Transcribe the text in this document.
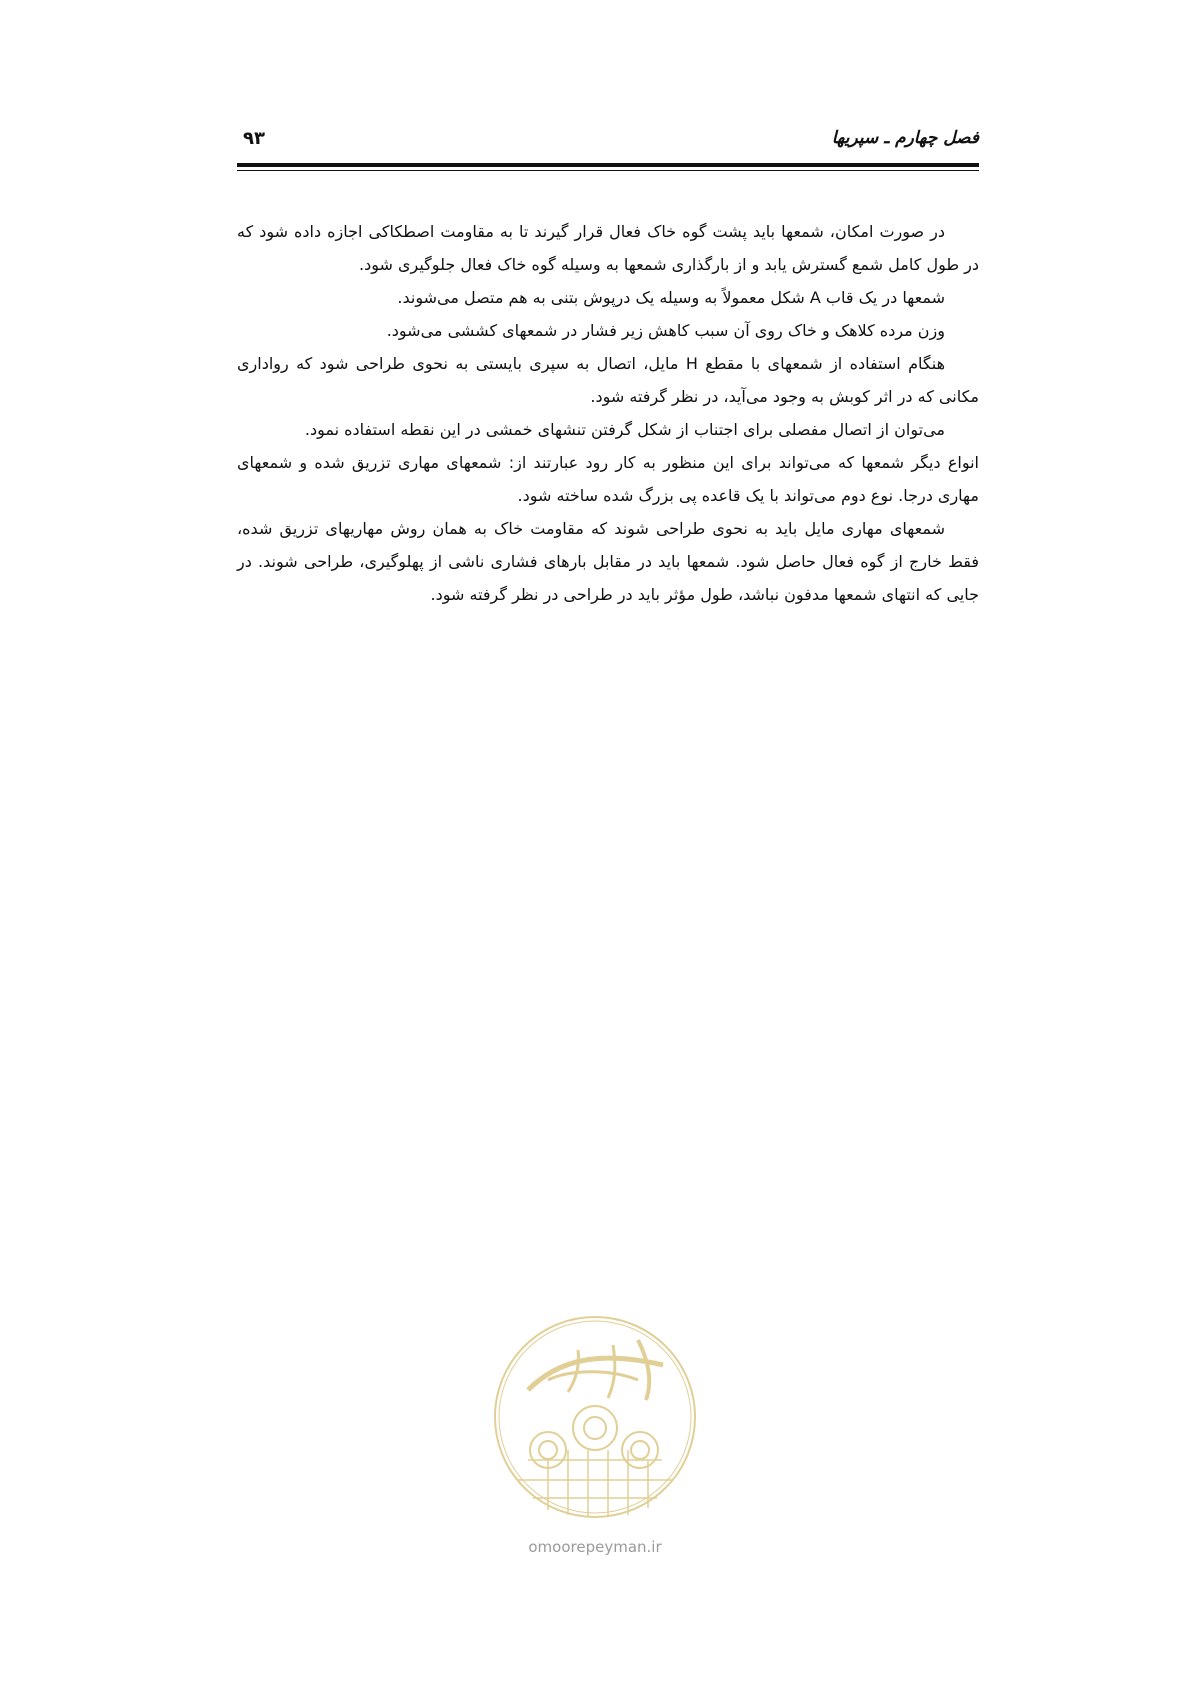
فصل چهارم ـ سپریها
۹۳

در صورت امکان، شمعها باید پشت گوه خاک فعال قرار گیرند تا به مقاومت اصطکاکی اجازه داده شود که در طول کامل شمع گسترش یابد و از بارگذاری شمعها به وسیله گوه خاک فعال جلوگیری شود.

شمعها در یک قاب A شکل معمولاً به وسیله یک درپوش بتنی به هم متصل می‌شوند.

وزن مرده کلاهک و خاک روی آن سبب کاهش زیر فشار در شمعهای کششی می‌شود.

هنگام استفاده از شمعهای با مقطع H مایل، اتصال به سپری بایستی به نحوی طراحی شود که رواداری مکانی که در اثر کوبش به وجود می‌آید، در نظر گرفته شود.

می‌توان از اتصال مفصلی برای اجتناب از شکل گرفتن تنشهای خمشی در این نقطه استفاده نمود.

انواع دیگر شمعها که می‌تواند برای این منظور به کار رود عبارتند از: شمعهای مهاری تزریق شده و شمعهای مهاری درجا. نوع دوم می‌تواند با یک قاعده پی بزرگ شده ساخته شود.

شمعهای مهاری مایل باید به نحوی طراحی شوند که مقاومت خاک به همان روش مهاریهای تزریق شده، فقط خارج از گوه فعال حاصل شود. شمعها باید در مقابل بارهای فشاری ناشی از پهلوگیری، طراحی شوند. در جایی که انتهای شمعها مدفون نباشد، طول مؤثر باید در طراحی در نظر گرفته شود.

omoorepeyman.ir
